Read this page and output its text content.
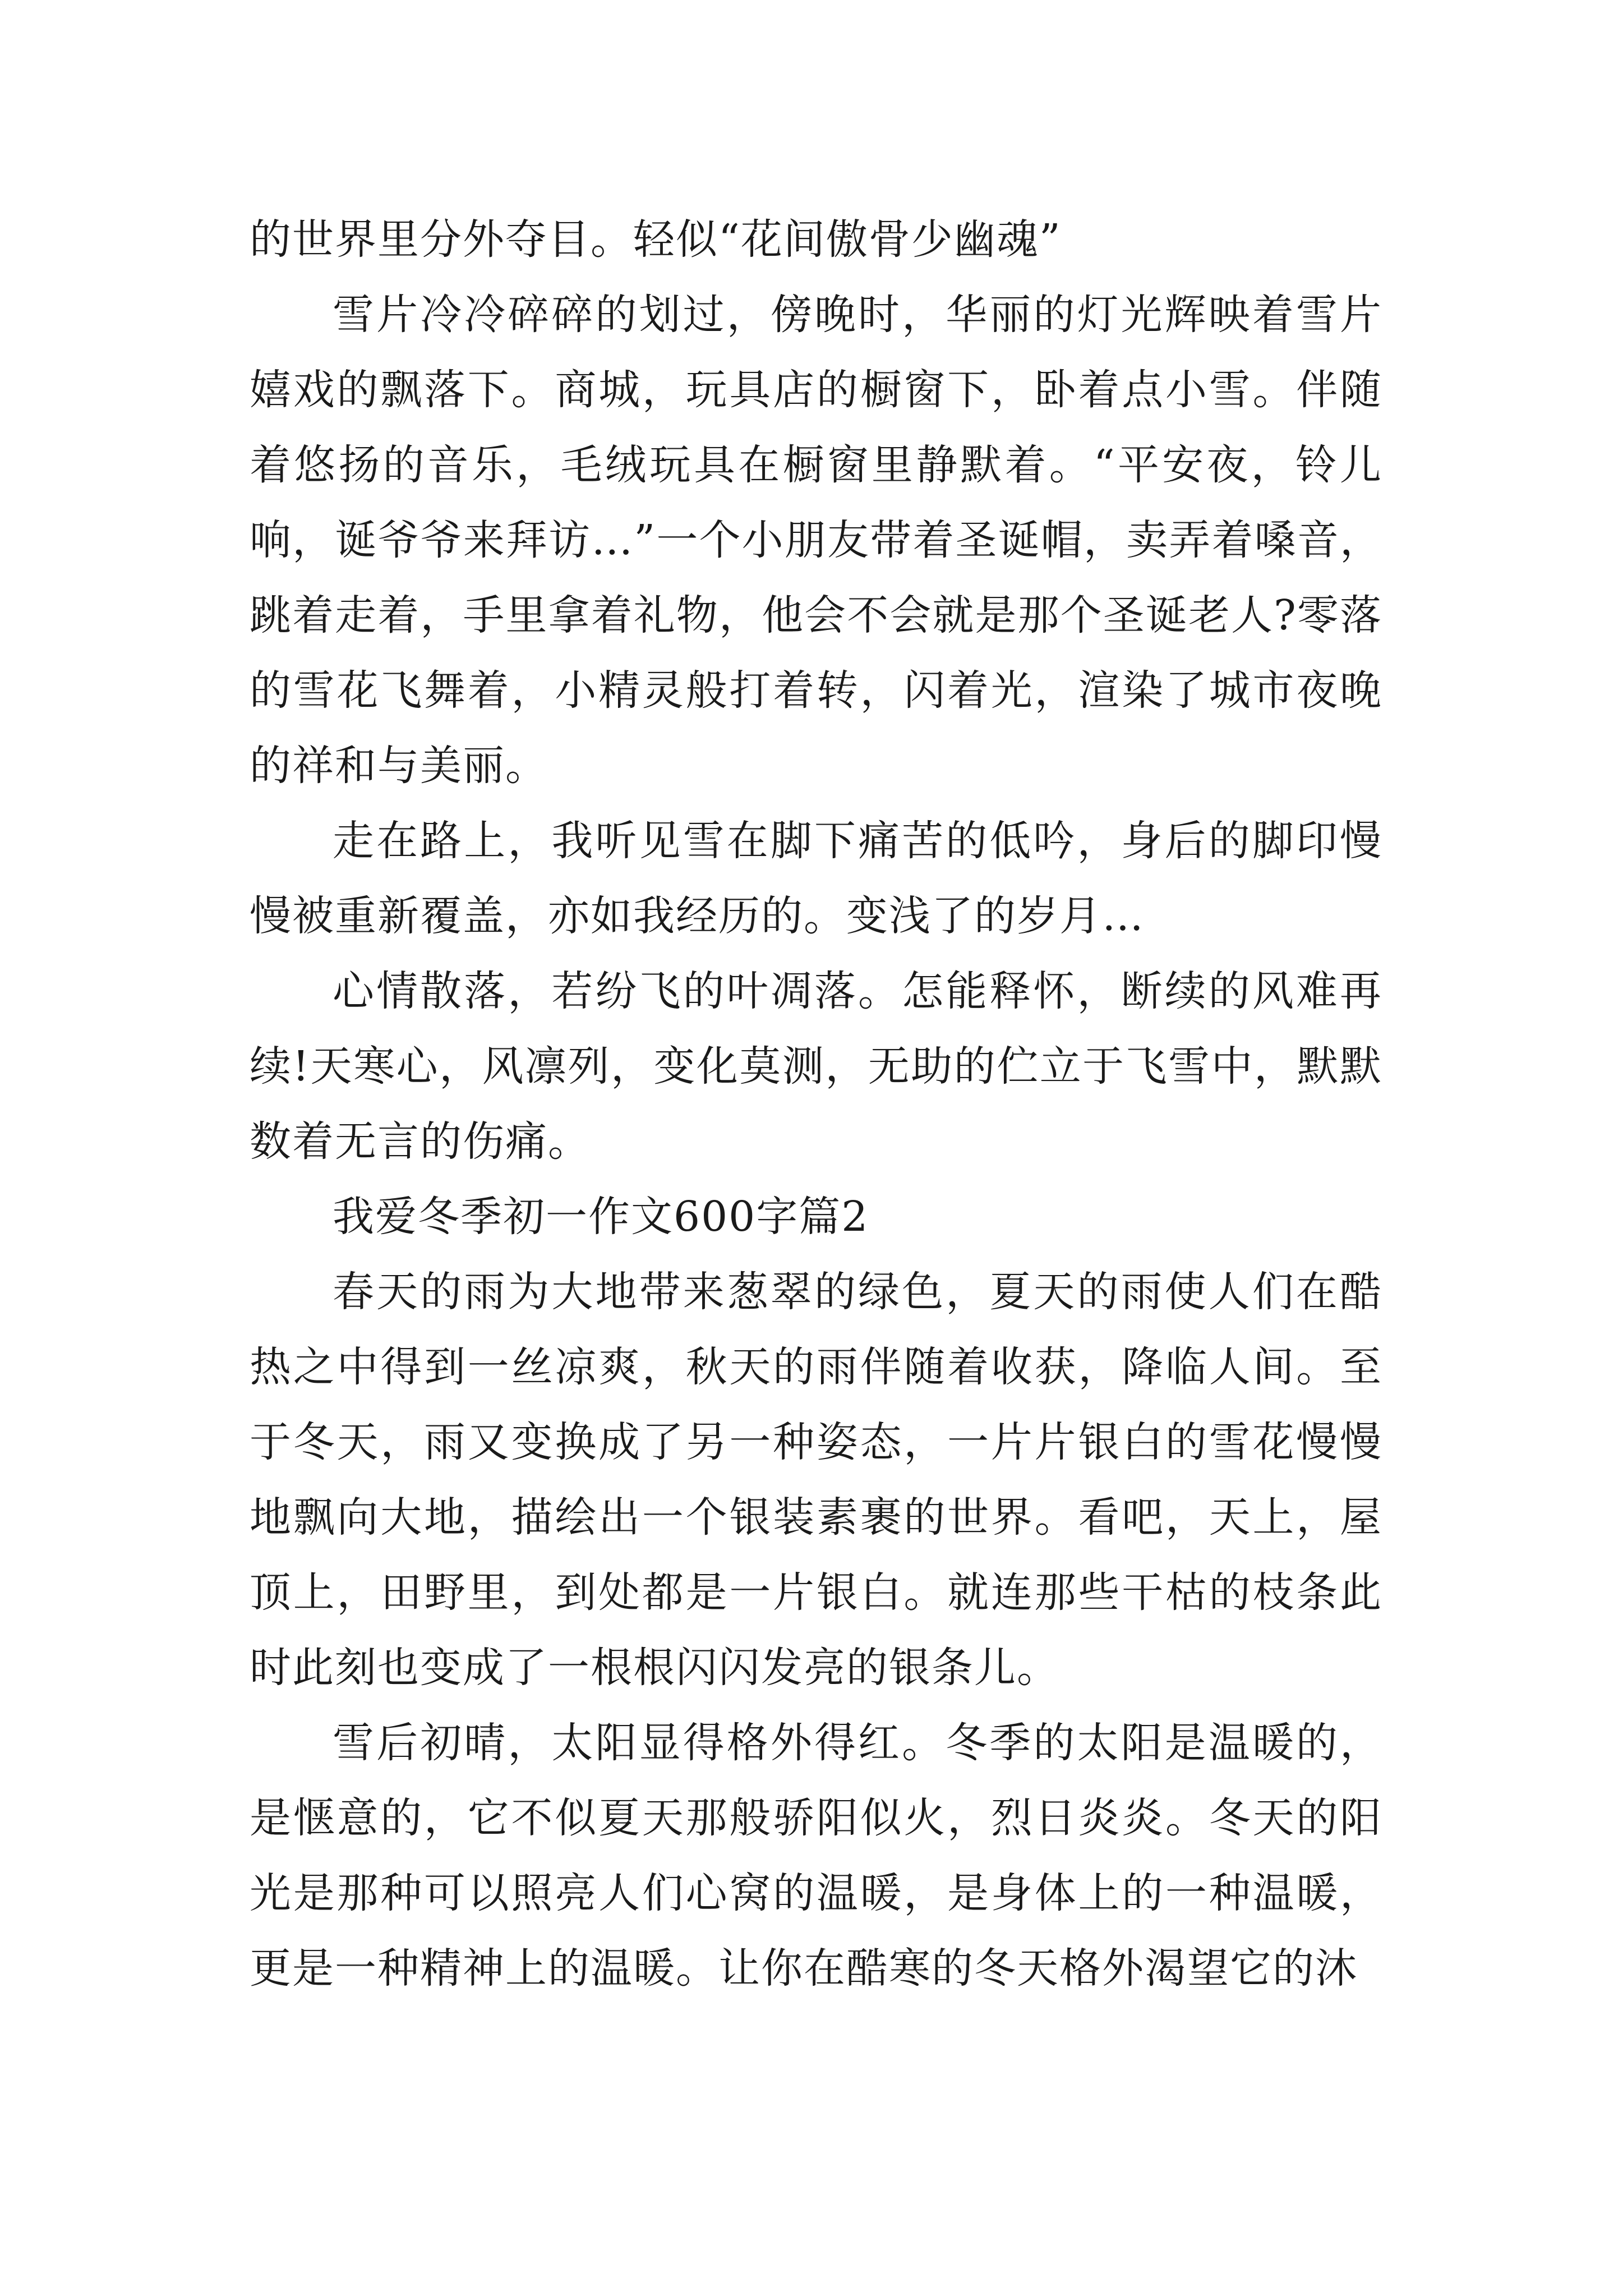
的世界里分外夺目。轻似“花间傲骨少幽魂”

雪片冷冷碎碎的划过，傍晚时，华丽的灯光辉映着雪片嬉戏的飘落下。商城，玩具店的橱窗下，卧着点小雪。伴随着悠扬的音乐，毛绒玩具在橱窗里静默着。“平安夜，铃儿响，诞爷爷来拜访…”一个小朋友带着圣诞帽，卖弄着嗓音，跳着走着，手里拿着礼物，他会不会就是那个圣诞老人?零落的雪花飞舞着，小精灵般打着转，闪着光，渲染了城市夜晚的祥和与美丽。

走在路上，我听见雪在脚下痛苦的低吟，身后的脚印慢慢被重新覆盖，亦如我经历的。变浅了的岁月…

心情散落，若纷飞的叶凋落。怎能释怀，断续的风难再续!天寒心，风凛列，变化莫测，无助的伫立于飞雪中，默默数着无言的伤痛。

我爱冬季初一作文600字篇2

春天的雨为大地带来葱翠的绿色，夏天的雨使人们在酷热之中得到一丝凉爽，秋天的雨伴随着收获，降临人间。至于冬天，雨又变换成了另一种姿态，一片片银白的雪花慢慢地飘向大地，描绘出一个银装素裹的世界。看吧，天上，屋顶上，田野里，到处都是一片银白。就连那些干枯的枝条此时此刻也变成了一根根闪闪发亮的银条儿。

雪后初晴，太阳显得格外得红。冬季的太阳是温暖的，是惬意的，它不似夏天那般骄阳似火，烈日炎炎。冬天的阳光是那种可以照亮人们心窝的温暖，是身体上的一种温暖，更是一种精神上的温暖。让你在酷寒的冬天格外渴望它的沐
